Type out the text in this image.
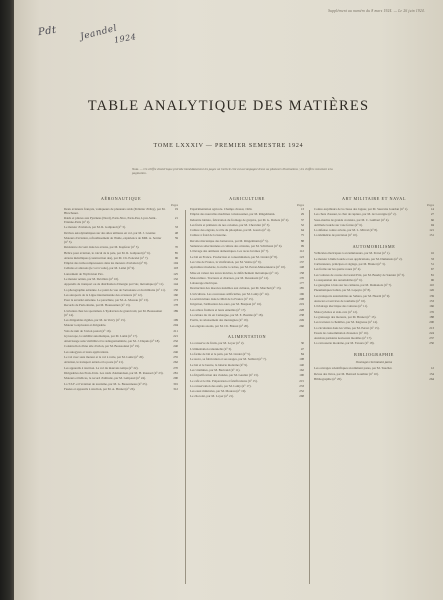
Pdt Jeandel
1924
Supplément au numéro du 8 mars 1924. — Le 26 juin 1924.
TABLE ANALYTIQUE DES MATIÈRES
TOME LXXXIV — PREMIER SEMESTRE 1924
Nota. — Un chiffre d'astérisque précède immédiatement les pages où l'article cité est accompagné d'une ou plusieurs illustrations ; les chiffres renvoient à la pagination.
AÉRONAUTIQUE
Pages
Deux aviateurs français, vainqueurs de plusieurs raids (Pelletier d'Oisy), par M. Hirschauer.
19
Raids et pilotes aux Pyrénées (Nord), Paris-Nice, Paris-Pau, Lyon-Saint-Etienne-Paris (n° 2).
21
Le moteur d'aviation, par M. R. Galipaud (n° 3).	33
Dérives aérodynamiques sur des ailes utilisées en vol, par M. J. Grenier.	48
Moteurs d'aviation, refroidissement de l'huile, expérience de MM. A. Serrier (n° 5).
59
Résistance du vent dans les avions, par M. Kapferer (n° 5).	70
Hélice pour aviation, le calcul de la pale, par M. R. Galipaud (n° 6).	85
Avions métalliques (construction des), par M. Ch. Poncelet (n° 7).	96
Emploi des turbocompresseurs dans les moteurs d'aviation (n° 8).	104
Cellules et ailerons (le vol à voile), par M. Lamé (n° 9).	118
Lancement de l'hydravion Pax.	125
Le moteur aérien, par M. Devillers (n° 10).	132
Appareils de transport ou de distribution d'énergie par l'air, mécanique (n° 11).	144
La photographie aérienne. Le point de vue de l'aéronaute et du militaire (n° 11).	150
Les aéroports de la Ligue internationale des aviateurs (n° 12).	160
Pour la sécurité aérienne. Le parachute, par M. A. Moreau (n° 13).	173
Records de Paris-Rome, par M. Boussonnet (n° 13).	178
L'aviation chez les sportsmen. L'hydravion de grand raid, par M. Boussonnet (n° 14).
189
Les dirigeables rigides, par M. de Vervy (n° 15).	199
Moteur à explosion et dirigeable.	204
Vols de nuit de l'avion postal (n° 16).	211
Gyroscope, la stabilité automatique, par M. Lamé (n° 17).	221
Atterrissage sans visibilité et la radiogoniométrie, par M. J. Dupuis (n° 18).	232
Construction d'une aile d'avion, par M. Boussonnet (n° 19).	240
Les autogyres et leurs applications.	246
Le vol avec sans moteur et le vol à voile, par M. Lamé (n° 20).	255
Aviation, le transport aérien et la poste (n° 21).	262
Les appareils à réaction. Le vol du mauvais temps (n° 22).	270
Dirigeables des Etats-Unis. Les raids d'Amundsen, par M. H. Roussel (n° 23).	281
Moteurs et hélices, le record d'altitude, par M. Galipaud (n° 24).	290
La T.S.F. et l'aviation de tourisme, par M. G. Bessonneau (n° 25).	301
Fusées et appareils à réaction, par M. A. Brunet (n° 26).	312
AGRICULTURE
Pages
Expérimentation agricole. Champs d'essai, 1924.	13
Emploi des nouvelles machines à moissonner, par M. Ringelmann.	29
Industrie laitière, fabrication du fromage de gruyère, par M. G. Dubois (n° 2).	37
Les fruits et primeurs de nos colonies, par M. Chevalier (n° 3).	52
Culture des engrais, le rôle du phosphate, par M. Garola (n° 4).	64
Culture à froid de la luzerne.	75
Récolte mécanique des betteraves, par M. Ringelmann (n° 5).	88
Semences sélectionnées et culture des céréales, par M. Schribaux (n° 6).	99
L'élevage des animaux domestiques. Les races bovines (n° 7).	112
Le blé en France. Production et consommation, par M. Lindet (n° 8).	123
Les vins de France, la vinification, par M. Ventre (n° 9).	137
Apiculture moderne, la ruche à cadres, par M. Perret-Maisonneuve (n° 10).	148
Mise en valeur des terres incultes, le défrichement mécanique (n° 11).	158
Motoculture. Tracteurs et charrues, par M. Dessaisaix (n° 12).	170
Labourage électrique.	177
Destruction des insectes nuisibles aux cultures, par M. Marchal (n° 13).	185
L'aviculture. Les couveuses artificielles, par M. Lamy (n° 14).	196
La sériciculture dans le Midi de la France (n° 15).	208
Irrigation, l'utilisation des eaux, par M. Bonjean (n° 16).	219
Les arbres fruitiers et leurs ennemis (n° 17).	228
La culture du riz en Camargue, par M. E. Bastide (n° 18).	238
Forêts, le reboisement des montagnes (n° 19).	249
Les engrais azotés, par M. Ch. Brioux (n° 20).	260
ALIMENTATION
La conserve de fruits, par M. Loyer (n° 2).	30
L'alimentation rationnelle (n° 3).	47
La farine de blé et le pain, par M. Lindet (n° 5).	84
Le sucre, sa fabrication et ses usages, par M. Saillard (n° 7).	108
Le lait et le beurre, la laiterie moderne (n° 9).	140
Les vitamines, par M. Bertrand (n° 11).	162
La frigorification des viandes, par M. Gaulier (n° 13).	190
Le café et le thé. Préparation et falsifications (n° 15).	215
La conservation des œufs, par M. Lamy (n° 17).	233
Les eaux minérales, par M. Moureu (n° 19).	252
Le chocolat, par M. Loyer (n° 21).	268
ART MILITAIRE ET NAVAL
Pages
Contre-torpilleurs de la classe des Jaguar, par M. Sauvaire Jourdan (n° 1).	14
Les chars d'assaut, le char de rupture, par M. de Lavergne (n° 2).	27
Sous-marins de grande croisière, par M. C. Guilbert (n° 4).	66
Artillerie lourde sur voie ferrée (n° 6).	94
La défense contre avions, par M. L. Mirval (n° 8).	121
La télémétrie de précision (n° 10).	151
AUTOMOBILISME
Véhicules électriques à accumulateurs, par M. Perret (n° 1).	16
Le moteur à huile lourde et ses applications, par M. Dumanois (n° 2).	33
Carburateurs, principes et réglage, par M. Brunet (n° 3).	51
Les freins sur les quatre roues (n° 4).	67
Les voitures de course du Grand Prix, par M. Baudry de Saunier (n° 5).	81
La suspension des automobiles (n° 6).	96
Le gazogène à bois sur les camions, par M. Dumanois (n° 7).	110
Pneumatiques ballon, par M. Lapeyre (n° 8).	126
Les transports automobiles au Sahara, par M. Haardt (n° 9).	139
Autocars et services de tourisme (n° 10).	153
L'éclairage électrique des voitures (n° 11).	166
Motocyclettes et side-cars (n° 12).	176
Le graissage des moteurs, par M. Brunet (n° 13).	188
Les tracteurs à chenilles, par M. Kégresse (n° 14).	200
La circulation dans les villes, par M. Perret (n° 15).	213
Essais de consommation d'essence (n° 16).	224
Autobus parisiens nouveaux modèles (n° 17).	237
La carrosserie moderne, par M. Faroux (n° 18).	250
BIBLIOGRAPHIE
Ouvrages récemment parus
Les ouvrages scientifiques récemment parus, par M. Touchet.	12
Revue des livres, par M. Bernard Gauthier (n° 10).	154
Bibliographie (n° 20).	264
